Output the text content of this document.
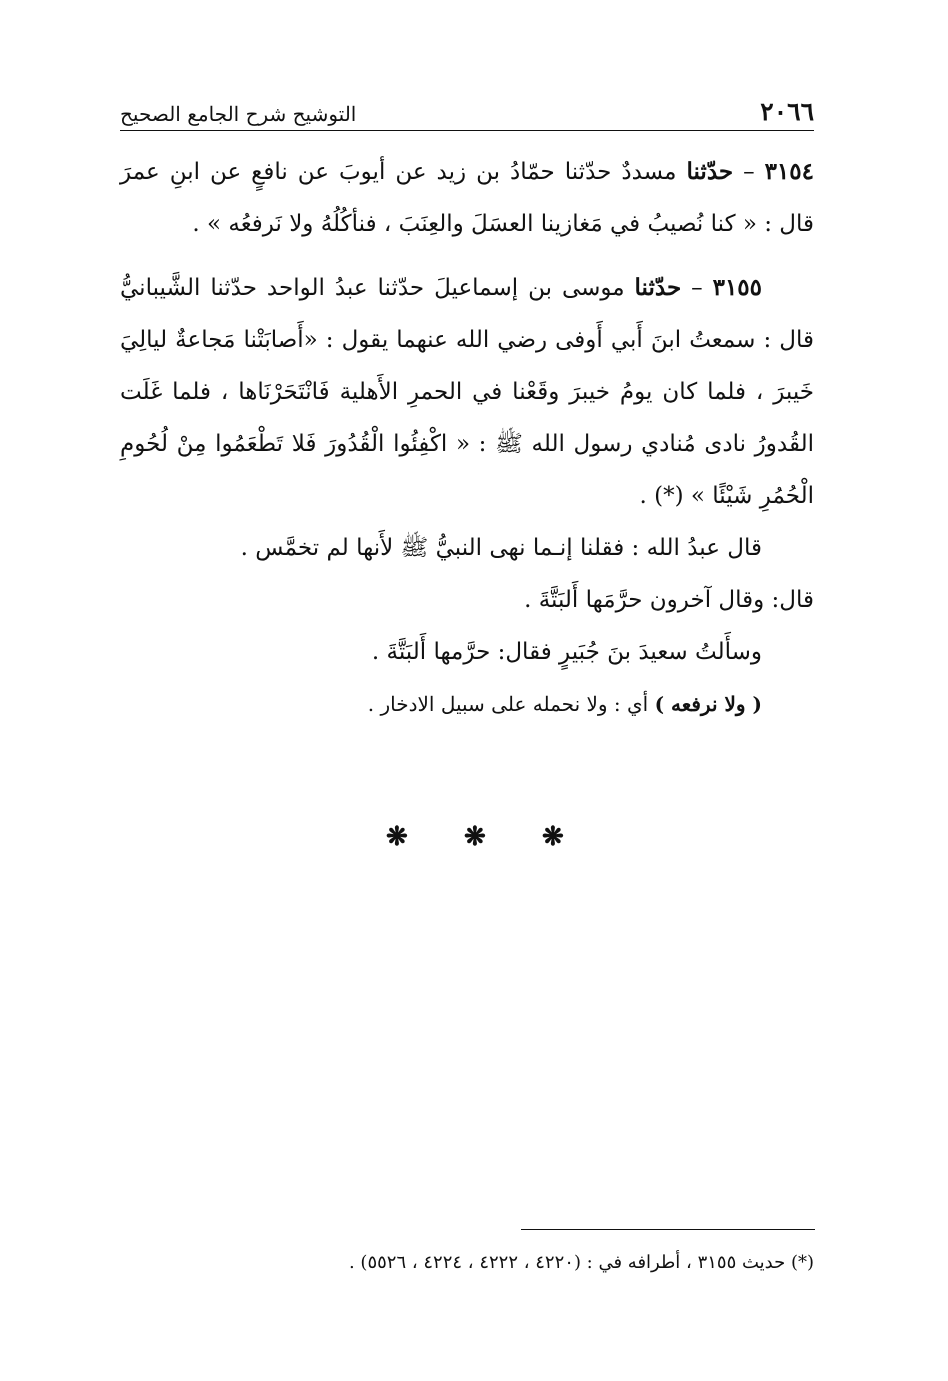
٢٠٦٦
التوشيح شرح الجامع الصحيح

٣١٥٤ – حدّثنا مسددٌ حدّثنا حمّادُ بن زيد عن أيوبَ عن نافعٍ عن ابنِ عمرَ قال : « كنا نُصيبُ في مَغازينا العسَلَ والعِنَبَ ، فنأكُلُهُ ولا نَرفعُه » .

٣١٥٥ – حدّثنا موسى بن إسماعيلَ حدّثنا عبدُ الواحد حدّثنا الشَّيبانيُّ قال : سمعتُ ابنَ أَبي أَوفى رضي الله عنهما يقول : «أَصابَتْنا مَجاعةٌ ليالِيَ خَيبرَ ، فلما كان يومُ خيبرَ وقَعْنا في الحمرِ الأَهلية فَانْتَحَرْنَاها ، فلما غَلَت القُدورُ نادى مُنادي رسول الله ﷺ : « اكْفِئُوا الْقُدُورَ فَلا تَطْعَمُوا مِنْ لُحُومِ الْحُمُرِ شَيْئًا » (*) .

قال عبدُ الله : فقلنا إنـما نهى النبيُّ ﷺ لأَنها لم تخمَّس .

قال: وقال آخرون حرَّمَها أَلبَتَّةَ .

وسأَلتُ سعيدَ بنَ جُبَيرٍ فقال: حرَّمها أَلبَتَّةَ .

( ولا نرفعه ) أي : ولا نحمله على سبيل الادخار .

❋ ❋ ❋
(*) حديث ٣١٥٥ ، أطرافه في : (٤٢٢٠ ، ٤٢٢٢ ، ٤٢٢٤ ، ٥٥٢٦) .
